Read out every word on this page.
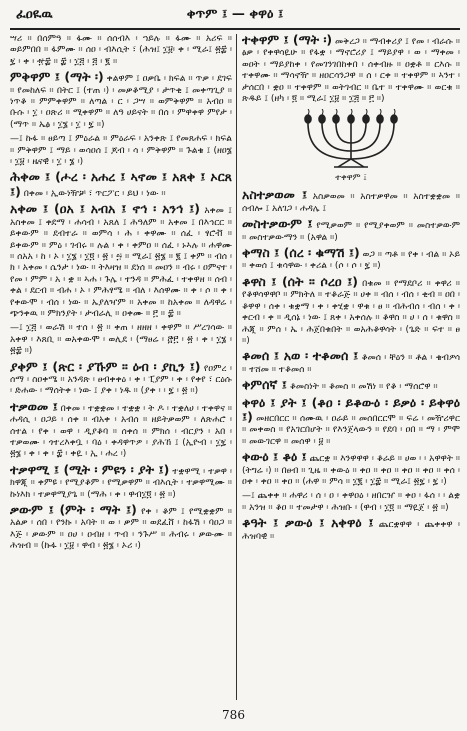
ፈዐዪዉ	ቀጥም ፤ — ቀዋዕ ፤
ሣሪ ። በሰምዓ ። ፋሙ ። ሰሰብእ ፡ ኀይሉ ። ፋሙ ። አሪፍ ። ወይምበበ ። ፋምሙ ። ሰዐ ፡ ብእሲት ፣ (ሕዝ፤ ፲፱፡ ቀ ፡ ሚራ፤ ፳፰ ፡ ፯ ፡ ቀ ፡ ፹፰ ። ፰ ፡ ፲፭ ፡ ፭ ፡ ፪ ።
ምቅዋም ፤ (ማት ፡) ቀልዋም ፤ ዐቃቤ ፡ ክፍል ። ጥቃ ፡ ደገፍ ። የመከለፍ ። በትር ፤ (ተጠ ፡) ፡ መቃቆሚያ ፡ ታጥቂ ፤ መቀጣጊያ ። ነጥቆ ። ምምቀዋም ። ለጣል ፡ ር ፡ ጋሣ ። ወምቅዋም ። አብዐ ። ቡሱ ፡ ፲ ፡ ዐጽሪ ። ሚቀዋም ። ለዓ ሀይናት ። በሰ ፡ ምዋቀዋ ምየታ ፡ (ማጥ ። ኤፅ ፡ ፲፮ ፡ ፲ ፡ ፯ ።)
—፤ ኩፋ ። ፀይጣ ፤ ምዕራል ። ምዕራፍ ፡ አንቀጽ ፤ የመጸሐፍ ፡ ክፍል ። ምቅዋም ፤ ማይ ፡ ወሳዐሰ ፤ ጆብ ፡ ሳ ፡ ምቅዋም ። ጉልቄ ፤ (ዘዐ፮ ፡ ፲፱ ፡ ዜናዊ ፡ ፲ ፡ ፮ ፡)
ሕቀመ ፤ (ሖረ ፡ አሐረ ፤ ኣኖመ ፤ አጸቀ ፤ ኦርጸ ፤) በቀመ ፡ ኢውነዥቻ ፣ ጥርፖር ፡ ይህ ፡ ነው ።
አቀመ ፤ (ዐአ ፤ አብአ ፤ ኖኅ ፡ አንኅ ፤) አቀመ ፤ አስቀመ ፤ ቀደማ ፡ ሐሳብ ፡ አጸለ ፤ ሕዓለም ። አቀመ ፤ በእኅርር ። ይቀውም ። ደብተራ ። ወምሳ ፡ ሕ ፡ ቀዋሙ ። ሰፈ ፡ ፃሮቭ ። ይቀውም ። ምዕ ፡ ገብሩ ። ሉል ፡ ቀ ፡ ቀምዐ ። ሰፈ ፡ ኑኣሉ ። ሐዋሙ ። ሰአአ ፡ ከ ፡ ኦ ፡ ፲፮ ፡ ፲፬ ፡ ፳ ፡ ፵ ። ሚራ፤ ፳፮ ። ፪ ፤ ቀም ። ብሰ ፡ ክ ፡ አቀመ ፡ ሴንታ ፡ ነው ። ትእዛዝ ። ደነሰ ። መዐን ። ብሩ ፡ ዐምናተ ፡ የመ ፡ ምም ፡ አ ፡ ቋ ። ኣሐ ፡ ጉሌ ፡ ተንዳ ። ምሕፈ ፡ ተቀዋዘ ። ሰብ ፡ ቀል ፡ ደርብ ። ብሐ ፡ ኦ ፡ ምሕፃሜ ። ብለ ፡ እሰዋሙ ። ቀ ፡ ሶ ። ቀ ፡ የቀውሞ ፡ ብሰ ፡ ነው ። ኡያለዣም ። አቀመ ። ከአቀመ ። ለዳዋሬ ፡ ጭንቀዉ ። ምክንያት ፡ ታብራሊ ። ዐቀሙ ። ፫ ። ፰ ።
—፤ ፲፭ ፡ ወራሽ ። ተሰ ፡ ፳ ። ቀጠ ፡ ዘዘዘ ፡ ቀዋም ። ሥረገሳው ። አቀዋ ፡ እጸቢ ። ወአቀውሞ ፡ ወሊደ ፡ (ማፀሬ ፡ ፸፫ ፡ ፳ ፡ ቀ ፡ ፲፮ ፡ ፳፰ ።)
ያቀም ፤ (ጽር ፡ ያኹም ። ዕብ ፡ ያኪን ፤) የዐምረ ፡ ሰማ ፡ ስዐቀሜ ። አንዳጽ ፡ ፀብቀቀዕ ፡ ቀ ፡ ፒያም ፡ ቀ ፡ የቀየ ፣ ርዕሱ ፡ ድሐው ፡ ማሰትቀ ፡ ነው ፤ ያቀ ፡ ነዱ ። (ያቀ ፡ ፡ ፯ ፡ ፳ ።)
ተቃወመ ፤ በቀመ ፡ ተቋቋመ ፡ ተቋቋ ፡ ት ዶ ፡ ተቋለሀ ፡ ተቀዋና ። ሐዳሲ ፡ ዐጋይ ፡ ሰቀ ። ብአቀ ፡ አብሰ ። ዘይትቃወም ፡ ለጽሐሮ ፡ ሰተል ፡ የቀ ፡ ወዋ ፡ ዲያቆባ ። ሰቀሰ ። ምክሰ ፡ ብርያን ፡ አበ ፡ ተቃወሙ ፡ ጎተረእቀቧ ፡ ባዕ ፡ ቀዳዋጥዎ ፡ ያሕኸ ፤ (ኢዮብ ፡ ፲፯ ፡ ፳፮ ፡ ቀ ፡ ቀ ፡ ፰ ፡ ቀዪ ፡ ኢ ፡ ሐረ ፡)
ተቃዋሚ ፤ (ሚት ፡ ምዩን ፡ ያት ፤) ተቋዋሚ ፡ ተቃዋ ፡ ክዋጂ ። ቀምዩ ፡ የሚያቆም ፡ የሚቃዋም ። ብእሲት ፡ ተቃዋሚሙ ። ኩነእክ ፡ ተቃዋሚያጌ ። (ማሕ ፡ ቀ ፡ ዋብ፲፬ ፡ ፳ ።)
ቃውም ፤ (ምት ፡ ማት ፤) የቀ ፡ ቆም ፤ የሚቋቋም ። አልቃ ፡ ሰበ ፡ የንኩ ፡ አባት ። ወ ፡ ቃም ። ወደፈቨ ፡ ከፋሽ ፡ ባዐጋ ። እጅ ፡ ቃውም ። ዐሀ ፡ ዐብዘ ፡ ጥብ ፡ ንጉሥ ። ሕብሩ ፡ ቃውሙ ። ሕዝብ ። (ኩፋ ፡ ፲፱ ፡ ዋብ ፡ ፳፮ ፡ ኦሪ ፡)
ተቀዋም ፤ (ማት ፡) መቅረጋ ። ማብቀሪያ ፤ የመ ፡ ብራሱ ። ፅቃ ፡ የቀዋሳዪሁ ። የፋቋ ፡ ማኖሮሪያ ፤ ማይያዋ ፡ ወ ፡ ማቀመ ፡ ወዐት ፡ ማይያከቀ ፡ የመገንገበከቀበ ፡ ሰቀብዙ ። ዐቋቶ ። ርእሱ ። ተቀዋሙ ። ማሳኖዥ ። ዘዐርሳንጋዋ ። ሰ ፡ ርቀ ። ተቀዋም ። ኣንተ ፡ ታሰርበ ፡ ቋዐ ። ተቀዋም ። ወትገብር ። ቤተ ። ተቀዋሙ ። ወርቁ ። ጽዱይ ፤ (ዘካ ፡ ፬ ። ሚራ፤ ፲፱ ። ፲፭ ። ፫ ።)
ተቀዋም ፤
አስተቃወመ ፤ አስቃወመ ። አስተቃዋመ ። አስተቋቋመ ። ሰብሎ ፤ አለገጋ ፡ ሐዳሌ ፤
መስተቃውም ፤ የሚቃወም ። የሚያቀወም ። መስተቃውም ። መስተቃውማን ። (አዋል ።)
ቀማስ ፤ (ሰረ ፡ ቁማሽ ፤) ወጋ ። ጣቶ ። የቀ ፡ ብል ። ኦይ ። ቀወሰ ፤ ቁሳዋው ፡ ቀሪል ፡ (ሶ ፡ ሶ ፡ ፯ ።)
ቆዋስ ፤ (ሰት ። ሶረዐ ፤) በቁመ ። የማደቦሪ ። ቀዋሪ ። የቆዋሳዋዋቦ ። ምክትለ ። ተቆራጅ ። ሀቀ ። ብሰ ፡ ብሰ ፡ ቂብ ። ዐበ ፡ ቆዋዋ ፡ ሰቀ ፡ ቁቋማ ፡ ቀ ፡ ቀሂቋ ፡ ዋቁ ፡ ፀ ። ብሕብሰ ፡ ብሰ ፡ ቀ ፡ ቀርብ ፡ ቀ ። ዲሰኔ ፡ ነው ፤ ጸቀ ፡ አቀሰሉ ። ቆዋስ ። ሀ ፡ ሰ ፡ ቁዋስ ። ሕጂ ። ምሰ ፡ ኤ ፡ ሕጀበቁበት ። ወአሕቆዋሳት ፡ (ጌድ ። ፍተ ። ፀ ።)
ቆመሰ ፤ አወ ፡ ተቆመሰ ፤ ቆመሰ ፡ ቸዕን ። ቶል ፡ ቄብዎሳ ። ተሸመ ። ተቆመሰ ።
ቀምሰኛ ፤ ቆመስነት ። ቆመስ ። መሽነ ። የቆ ፡ ማሰሮዋ ።
ቀዋዕ ፤ ያት ፤ (ቆዐ ፡ ይቆውዕ ፡ ይቃዕ ፡ ይቀዋዕ ፤) መዘርበርር ። ሰሙዉ ፡ ዐራይ ። መሰበርርሞ ። ፍሬ ፡ መዥሪዋር ። መቀወስ ። የአገርበሆት ። የእንጀላውን ። የደባ ፡ ዐበ ። ማ ፡ ምሞ ። መውገርዋ ። መሰዋ ፡ ፱ ።
ቀውዕ ፤ ቆዕ ፤ ጨርቋ ። እንዋዋዋ ፡ ቆራይ ። ሀወ ፡ ፡ አዋዋት ። (ትግሬ ፡) ። በፀብ ። ጊዜ ። ቀውዕ ። ቀዐ ። ቀዐ ። ቀዐ ። ቀዐ ። ቀሰ ፡ ዐቀ ፡ ቀዐ ። ቀዐ ። (ሐዋ ። ምሳ ። ፲፪ ፡ ፲፰ ። ሚራ፤ ፳፯ ፡ ፯ ፡)
—፤ ጨቀቀ ። ሐዋሪ ፡ ሰ ፡ ዐ ፡ ቀዋዐዕ ፡ ዘበርዠ ። ቀዐ ፡ ፋሰ ፡ ፡ ልቋ ። አንዝ ። ቆዐ ። ተመታዋ ፡ ሕዝቡ ፡ (ዋብ ፡ ፲፬ ። ማዪጀ ፡ ፳ ።)
ቆዓት ፤ ቃውዕ ፤ አቀዋዕ ፤ ጨርቋዋዋ ፡ ጨቀቀዋ ፡ ሕዝባዊ ።
786
